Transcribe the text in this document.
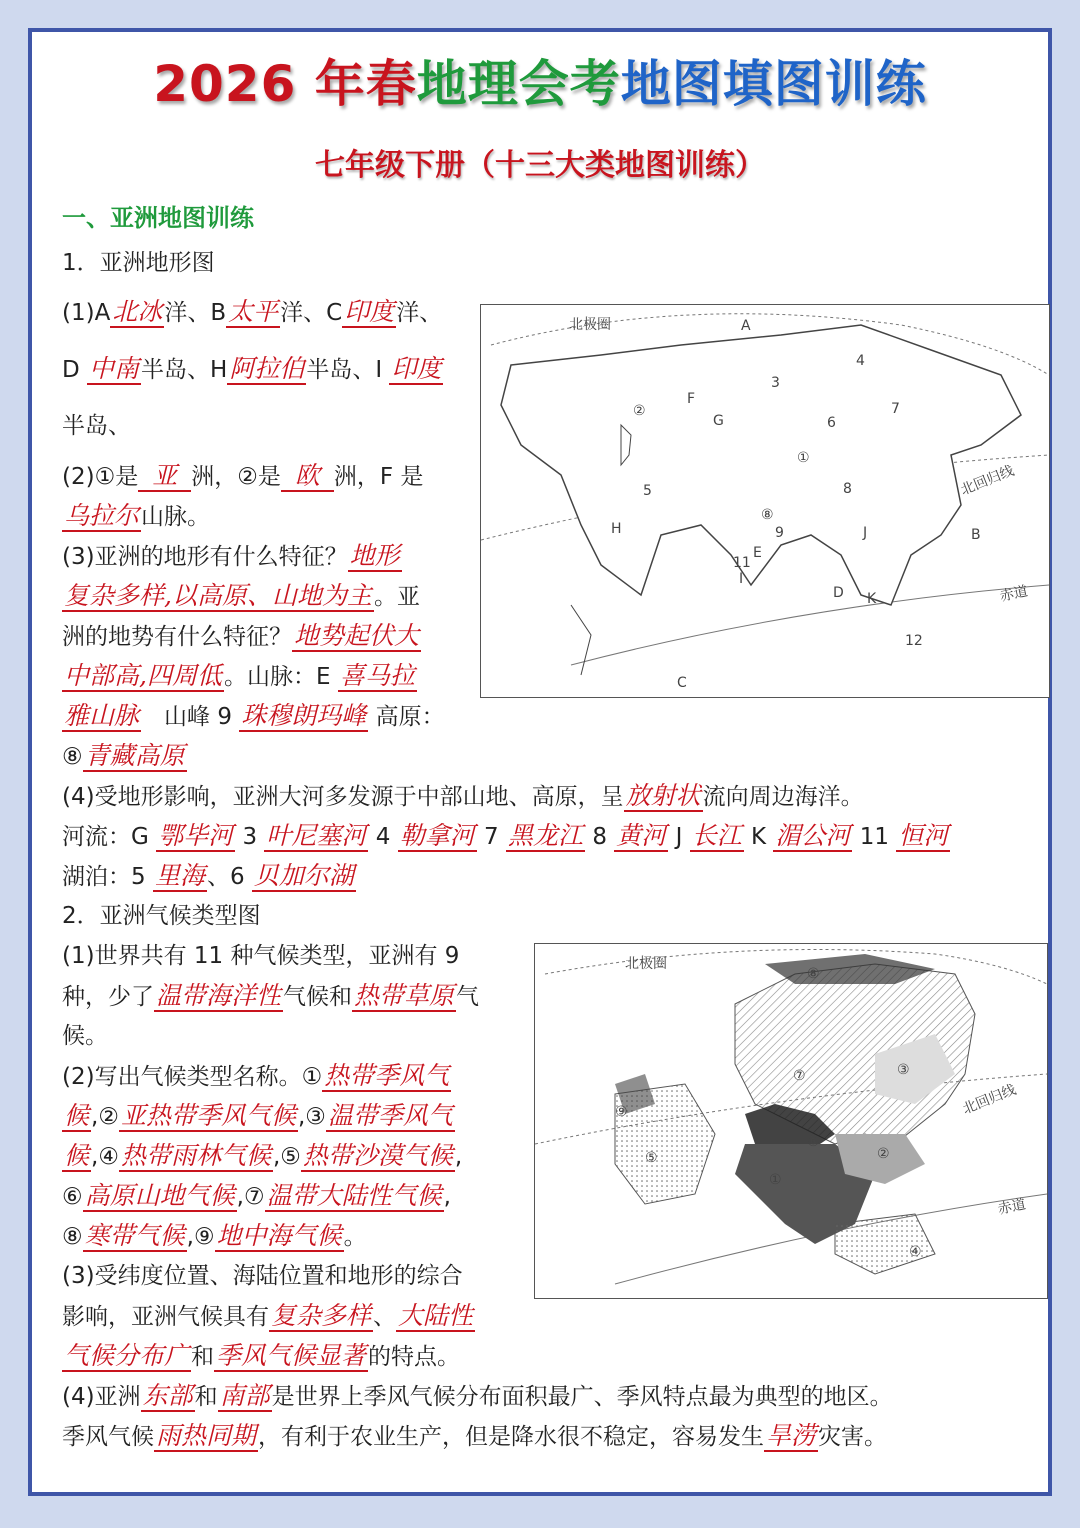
2026 年春地理会考地图填图训练
七年级下册（十三大类地图训练）
一、亚洲地图训练
1．亚洲地形图
(1)A北冰洋、B太平洋、C印度洋、
D 中南半岛、H阿拉伯半岛、I 印度
半岛、
(2)①是 亚 洲，②是 欧 洲，F 是
乌拉尔山脉。
(3)亚洲的地形有什么特征？地形
复杂多样,以高原、山地为主。亚
洲的地势有什么特征？地势起伏大
中部高,四周低。山脉：E 喜马拉
雅山脉　 山峰 9 珠穆朗玛峰 高原：
⑧青藏高原
(4)受地形影响，亚洲大河多发源于中部山地、高原，呈放射状流向周边海洋。
河流：G 鄂毕河 3 叶尼塞河 4 勒拿河 7 黑龙江 8 黄河 J 长江 K 湄公河 11 恒河
湖泊：5 里海、6 贝加尔湖
2．亚洲气候类型图
(1)世界共有 11 种气候类型，亚洲有 9
种，少了温带海洋性气候和热带草原气
候。
(2)写出气候类型名称。①热带季风气
候,②亚热带季风气候,③温带季风气
候,④热带雨林气候,⑤热带沙漠气候,
⑥高原山地气候,⑦温带大陆性气候,
⑧寒带气候,⑨地中海气候。
(3)受纬度位置、海陆位置和地形的综合
影响，亚洲气候具有复杂多样、大陆性
气候分布广和季风气候显著的特点。
(4)亚洲东部和南部是世界上季风气候分布面积最广、季风特点最为典型的地区。
季风气候雨热同期，有利于农业生产，但是降水很不稳定，容易发生旱涝灾害。
北极圈	A
4
3
F
G
②
6
7
①
5	8
⑧
9
北回归线
H	J	B
E
11
I
D K	赤道
12
C
北极圈
⑧
⑦	③
⑨
⑥
②
北回归线
⑤
①
赤道
④
